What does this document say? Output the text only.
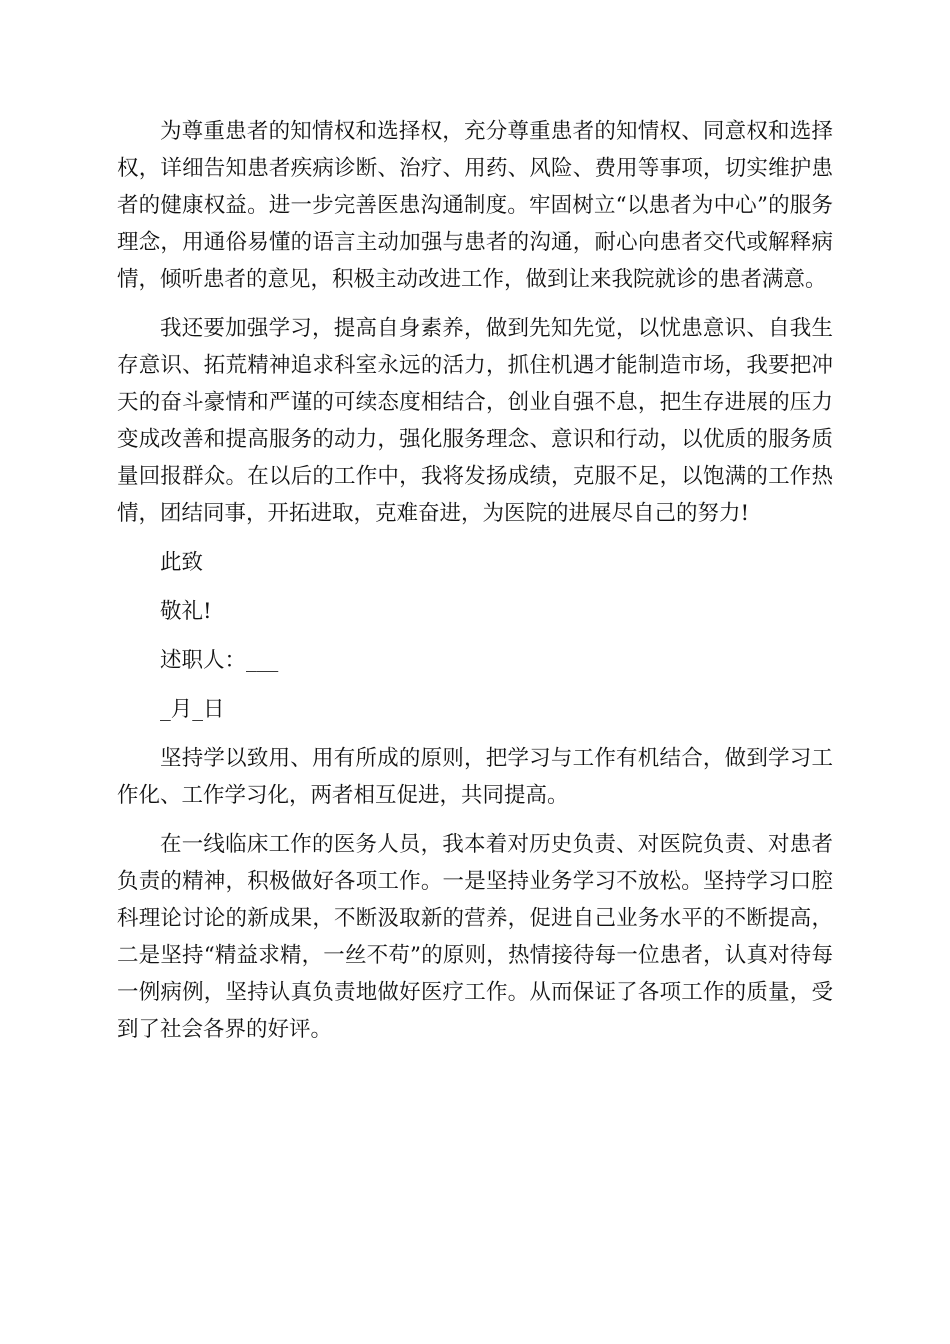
为尊重患者的知情权和选择权，充分尊重患者的知情权、同意权和选择权，详细告知患者疾病诊断、治疗、用药、风险、费用等事项，切实维护患者的健康权益。进一步完善医患沟通制度。牢固树立“以患者为中心”的服务理念，用通俗易懂的语言主动加强与患者的沟通，耐心向患者交代或解释病情，倾听患者的意见，积极主动改进工作，做到让来我院就诊的患者满意。

我还要加强学习，提高自身素养，做到先知先觉，以忧患意识、自我生存意识、拓荒精神追求科室永远的活力，抓住机遇才能制造市场，我要把冲天的奋斗豪情和严谨的可续态度相结合，创业自强不息，把生存进展的压力变成改善和提高服务的动力，强化服务理念、意识和行动，以优质的服务质量回报群众。在以后的工作中，我将发扬成绩，克服不足，以饱满的工作热情，团结同事，开拓进取，克难奋进，为医院的进展尽自己的努力!

此致

敬礼!

述职人：___

_月_日

坚持学以致用、用有所成的原则，把学习与工作有机结合，做到学习工作化、工作学习化，两者相互促进，共同提高。

在一线临床工作的医务人员，我本着对历史负责、对医院负责、对患者负责的精神，积极做好各项工作。一是坚持业务学习不放松。坚持学习口腔科理论讨论的新成果，不断汲取新的营养，促进自己业务水平的不断提高，二是坚持“精益求精，一丝不苟”的原则，热情接待每一位患者，认真对待每一例病例，坚持认真负责地做好医疗工作。从而保证了各项工作的质量，受到了社会各界的好评。
